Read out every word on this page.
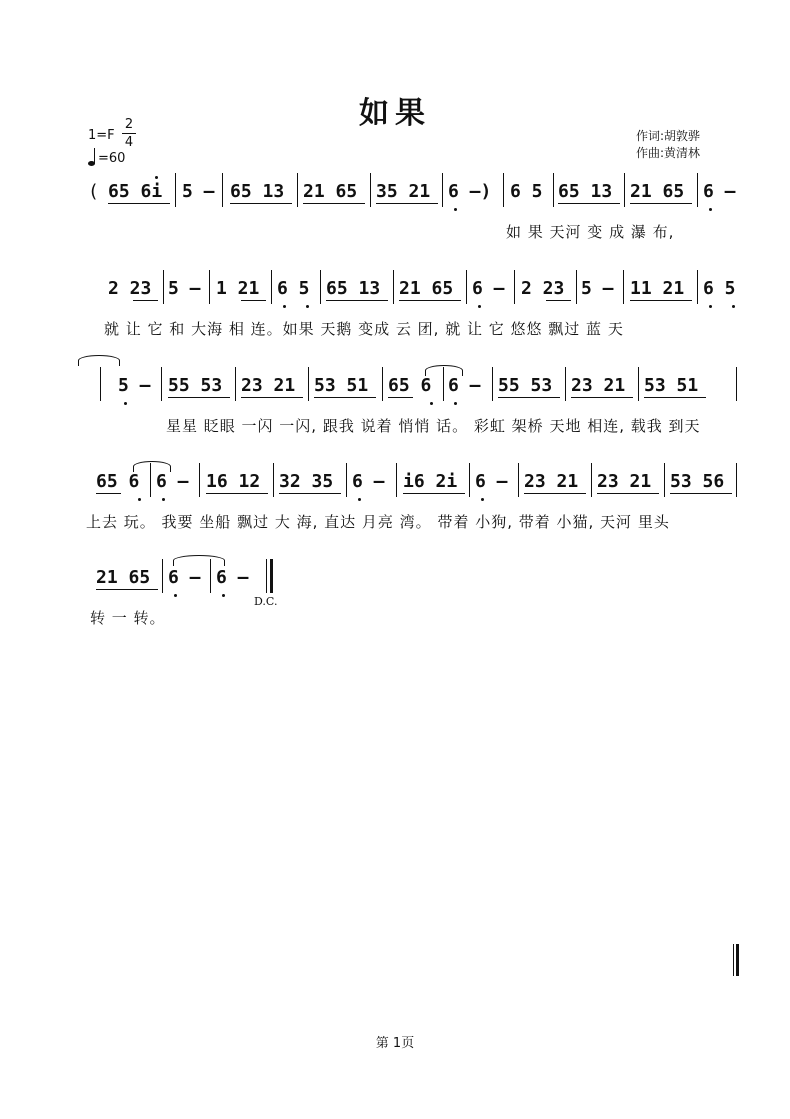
如果
1=F
2
4
=60
作词:胡敦骅
作曲:黄清林
( 65 6i 5 – 65 13 21 65 35 21 6 –) 6 5 65 13 21 65 6 –
如 果 天河 变 成 瀑 布,
2 23 5 – 1 21 6 5 65 13 21 65 6 – 2 23 5 – 11 21 6 5
就 让 它 和 大海 相 连。如果 天鹅 变成 云 团, 就 让 它 悠悠 飘过 蓝 天
5 – 55 53 23 21 53 51 65 6 6 – 55 53 23 21 53 51
星星 眨眼 一闪 一闪, 跟我 说着 悄悄 话。 彩虹 架桥 天地 相连, 载我 到天
65 6 6 – 16 12 32 35 6 – i6 2i 6 – 23 21 23 21 53 56
上去 玩。 我要 坐船 飘过 大 海, 直达 月亮 湾。 带着 小狗, 带着 小猫, 天河 里头
21 65 6 – 6 –
D.C.
转 一 转。
第 1页
